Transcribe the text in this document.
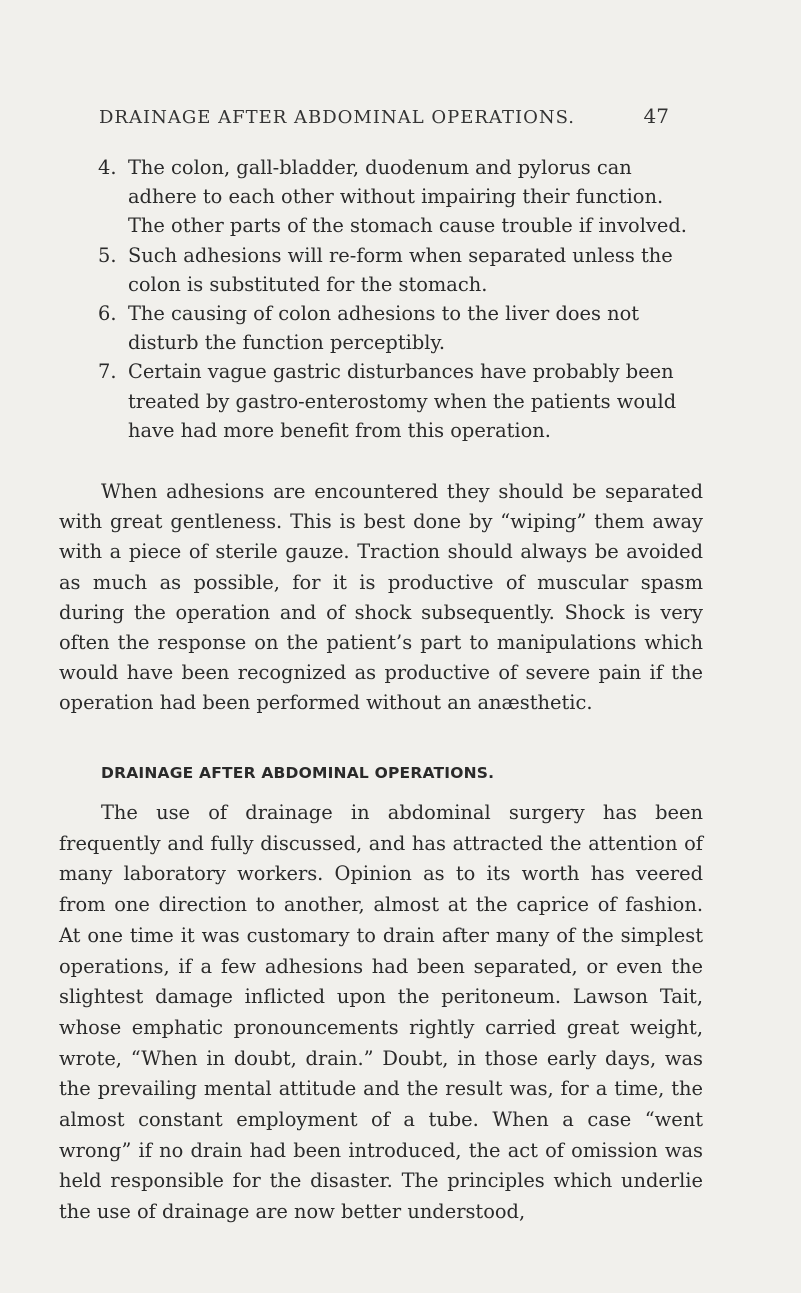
DRAINAGE AFTER ABDOMINAL OPERATIONS.	47
4. The colon, gall-bladder, duodenum and pylorus can adhere to each other without impairing their function. The other parts of the stomach cause trouble if involved.
5. Such adhesions will re-form when separated unless the colon is substituted for the stomach.
6. The causing of colon adhesions to the liver does not disturb the function perceptibly.
7. Certain vague gastric disturbances have probably been treated by gastro-enterostomy when the patients would have had more benefit from this operation.

When adhesions are encountered they should be separated with great gentleness. This is best done by “wiping” them away with a piece of sterile gauze. Traction should always be avoided as much as possible, for it is productive of muscular spasm during the operation and of shock subsequently. Shock is very often the response on the patient’s part to manipulations which would have been recognized as productive of severe pain if the operation had been performed without an anæsthetic.

DRAINAGE AFTER ABDOMINAL OPERATIONS.

The use of drainage in abdominal surgery has been frequently and fully discussed, and has attracted the attention of many laboratory workers. Opinion as to its worth has veered from one direction to another, almost at the caprice of fashion. At one time it was customary to drain after many of the simplest operations, if a few adhesions had been separated, or even the slightest damage inflicted upon the peritoneum. Lawson Tait, whose emphatic pronouncements rightly carried great weight, wrote, “When in doubt, drain.” Doubt, in those early days, was the prevailing mental attitude and the result was, for a time, the almost constant employment of a tube. When a case “went wrong” if no drain had been introduced, the act of omission was held responsible for the disaster. The principles which underlie the use of drainage are now better understood,
